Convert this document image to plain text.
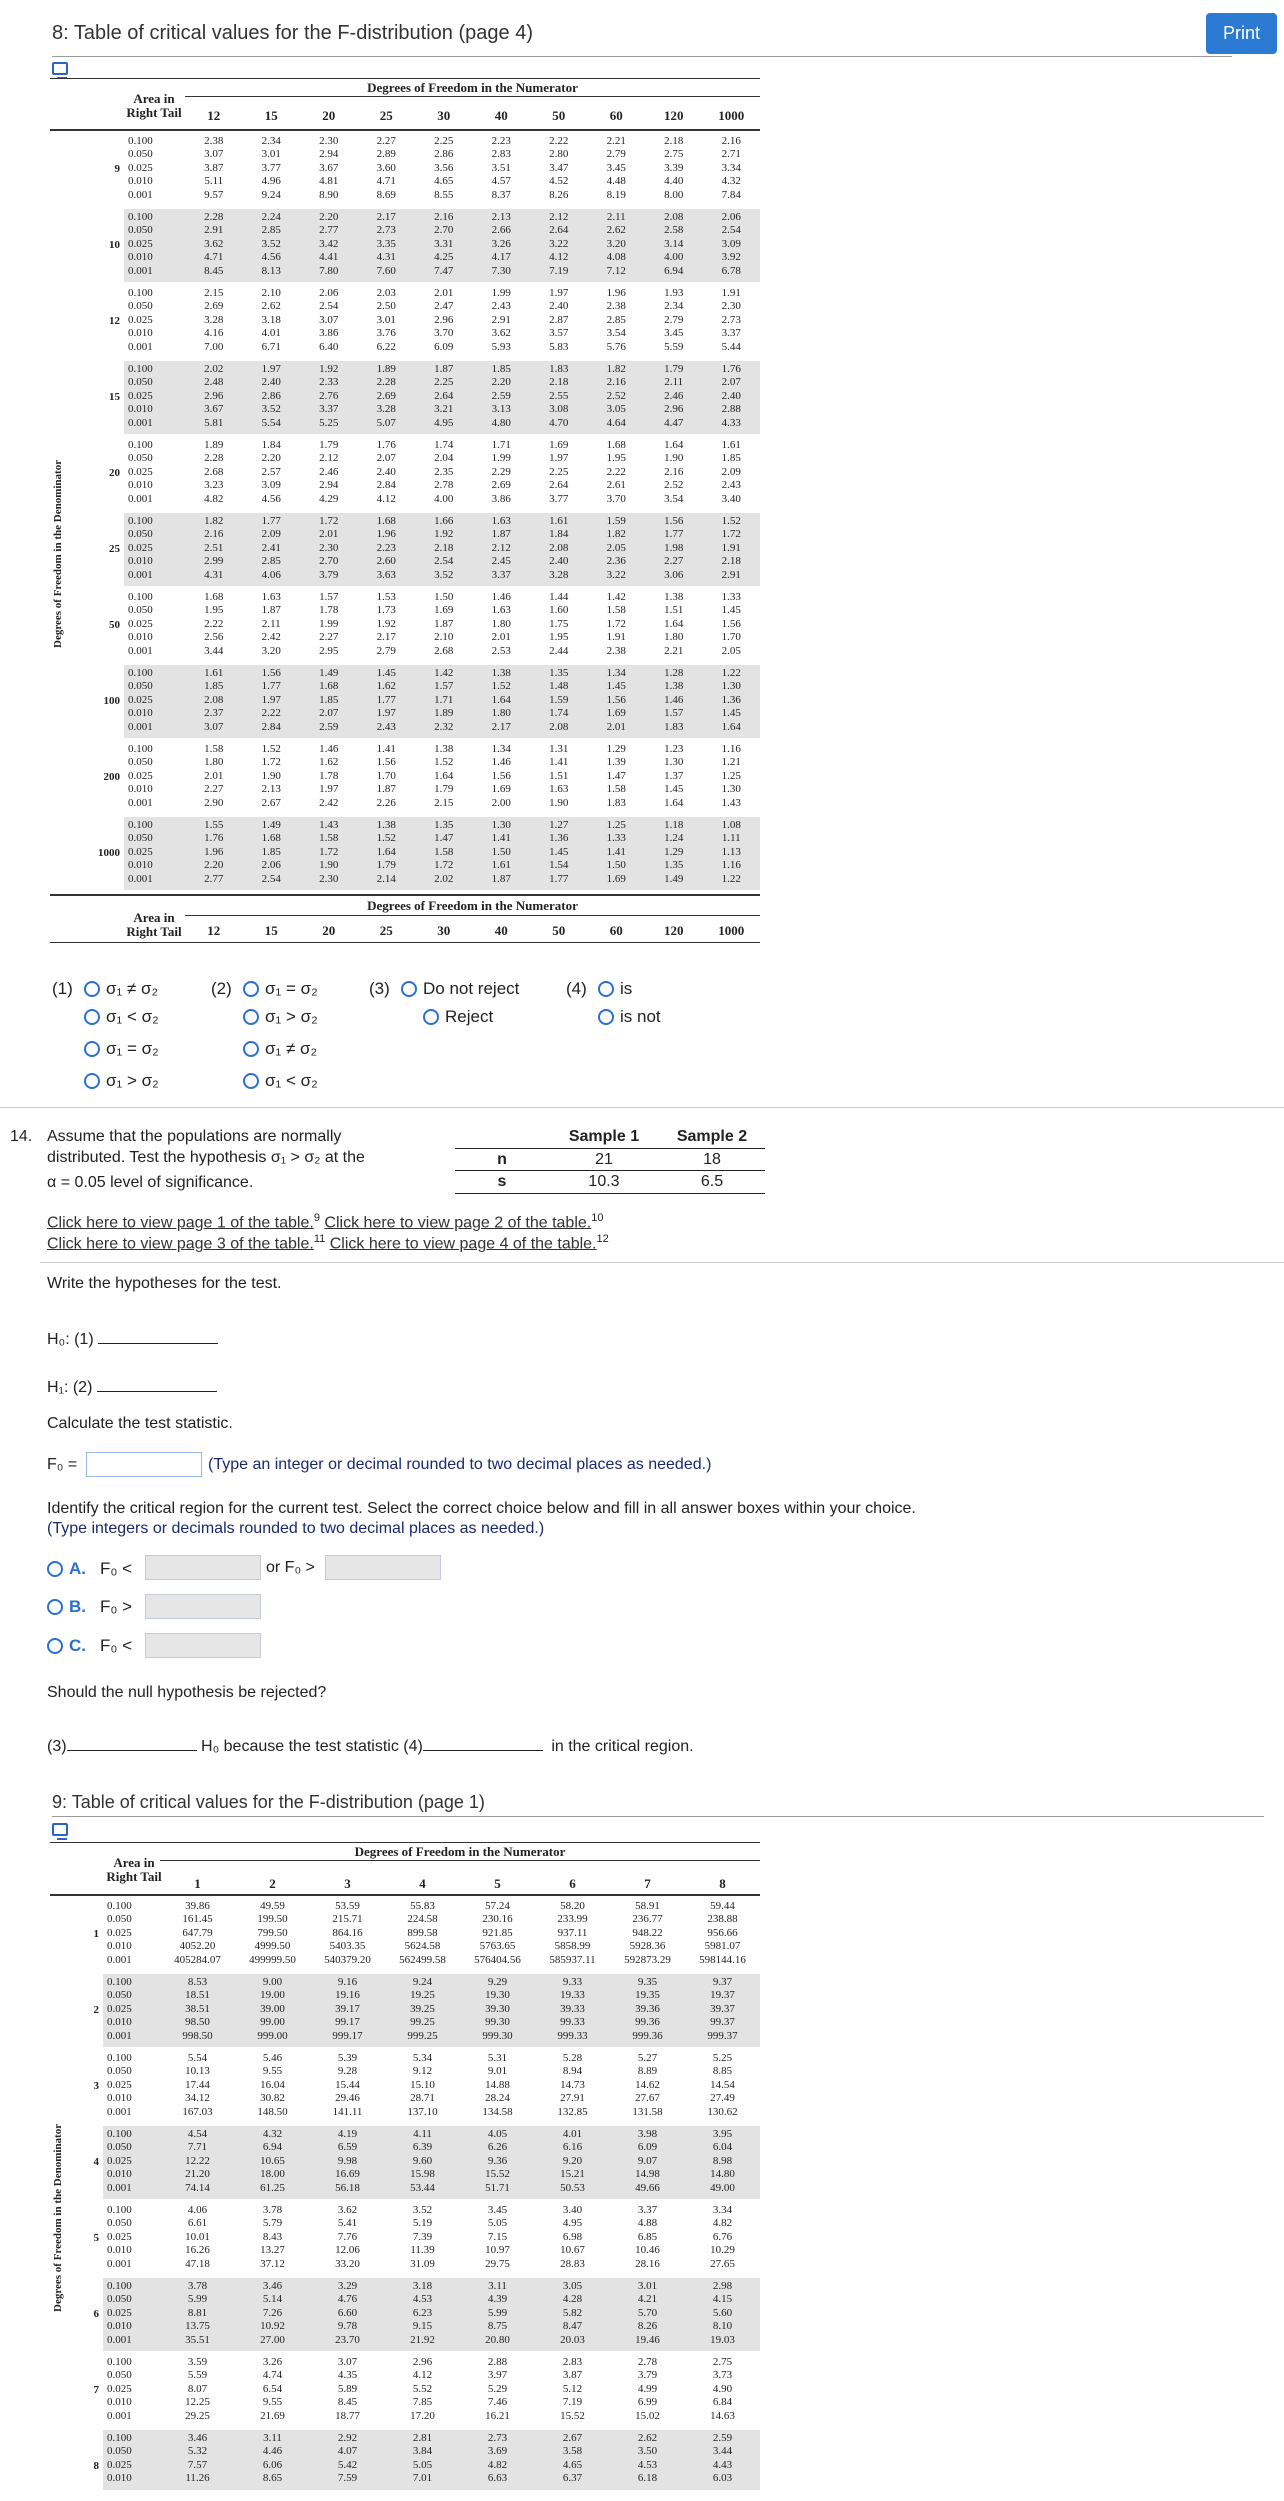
8: Table of critical values for the F-distribution (page 4)	Print
Degrees of Freedom in the Numerator
Area in
Right Tail	12	15	20	25	30	40	50	60	120	1000
9
0.100	2.38	2.34	2.30	2.27	2.25	2.23	2.22	2.21	2.18	2.16
0.050	3.07	3.01	2.94	2.89	2.86	2.83	2.80	2.79	2.75	2.71
0.025	3.87	3.77	3.67	3.60	3.56	3.51	3.47	3.45	3.39	3.34
0.010	5.11	4.96	4.81	4.71	4.65	4.57	4.52	4.48	4.40	4.32
0.001	9.57	9.24	8.90	8.69	8.55	8.37	8.26	8.19	8.00	7.84
10
0.100	2.28	2.24	2.20	2.17	2.16	2.13	2.12	2.11	2.08	2.06
0.050	2.91	2.85	2.77	2.73	2.70	2.66	2.64	2.62	2.58	2.54
0.025	3.62	3.52	3.42	3.35	3.31	3.26	3.22	3.20	3.14	3.09
0.010	4.71	4.56	4.41	4.31	4.25	4.17	4.12	4.08	4.00	3.92
0.001	8.45	8.13	7.80	7.60	7.47	7.30	7.19	7.12	6.94	6.78
12
0.100	2.15	2.10	2.06	2.03	2.01	1.99	1.97	1.96	1.93	1.91
0.050	2.69	2.62	2.54	2.50	2.47	2.43	2.40	2.38	2.34	2.30
0.025	3.28	3.18	3.07	3.01	2.96	2.91	2.87	2.85	2.79	2.73
0.010	4.16	4.01	3.86	3.76	3.70	3.62	3.57	3.54	3.45	3.37
0.001	7.00	6.71	6.40	6.22	6.09	5.93	5.83	5.76	5.59	5.44
15
0.100	2.02	1.97	1.92	1.89	1.87	1.85	1.83	1.82	1.79	1.76
0.050	2.48	2.40	2.33	2.28	2.25	2.20	2.18	2.16	2.11	2.07
0.025	2.96	2.86	2.76	2.69	2.64	2.59	2.55	2.52	2.46	2.40
0.010	3.67	3.52	3.37	3.28	3.21	3.13	3.08	3.05	2.96	2.88
0.001	5.81	5.54	5.25	5.07	4.95	4.80	4.70	4.64	4.47	4.33
20
0.100	1.89	1.84	1.79	1.76	1.74	1.71	1.69	1.68	1.64	1.61
0.050	2.28	2.20	2.12	2.07	2.04	1.99	1.97	1.95	1.90	1.85
0.025	2.68	2.57	2.46	2.40	2.35	2.29	2.25	2.22	2.16	2.09
0.010	3.23	3.09	2.94	2.84	2.78	2.69	2.64	2.61	2.52	2.43
0.001	4.82	4.56	4.29	4.12	4.00	3.86	3.77	3.70	3.54	3.40
25
0.100	1.82	1.77	1.72	1.68	1.66	1.63	1.61	1.59	1.56	1.52
0.050	2.16	2.09	2.01	1.96	1.92	1.87	1.84	1.82	1.77	1.72
0.025	2.51	2.41	2.30	2.23	2.18	2.12	2.08	2.05	1.98	1.91
0.010	2.99	2.85	2.70	2.60	2.54	2.45	2.40	2.36	2.27	2.18
0.001	4.31	4.06	3.79	3.63	3.52	3.37	3.28	3.22	3.06	2.91
50
0.100	1.68	1.63	1.57	1.53	1.50	1.46	1.44	1.42	1.38	1.33
0.050	1.95	1.87	1.78	1.73	1.69	1.63	1.60	1.58	1.51	1.45
0.025	2.22	2.11	1.99	1.92	1.87	1.80	1.75	1.72	1.64	1.56
0.010	2.56	2.42	2.27	2.17	2.10	2.01	1.95	1.91	1.80	1.70
0.001	3.44	3.20	2.95	2.79	2.68	2.53	2.44	2.38	2.21	2.05
100
0.100	1.61	1.56	1.49	1.45	1.42	1.38	1.35	1.34	1.28	1.22
0.050	1.85	1.77	1.68	1.62	1.57	1.52	1.48	1.45	1.38	1.30
0.025	2.08	1.97	1.85	1.77	1.71	1.64	1.59	1.56	1.46	1.36
0.010	2.37	2.22	2.07	1.97	1.89	1.80	1.74	1.69	1.57	1.45
0.001	3.07	2.84	2.59	2.43	2.32	2.17	2.08	2.01	1.83	1.64
200
0.100	1.58	1.52	1.46	1.41	1.38	1.34	1.31	1.29	1.23	1.16
0.050	1.80	1.72	1.62	1.56	1.52	1.46	1.41	1.39	1.30	1.21
0.025	2.01	1.90	1.78	1.70	1.64	1.56	1.51	1.47	1.37	1.25
0.010	2.27	2.13	1.97	1.87	1.79	1.69	1.63	1.58	1.45	1.30
0.001	2.90	2.67	2.42	2.26	2.15	2.00	1.90	1.83	1.64	1.43
1000
0.100	1.55	1.49	1.43	1.38	1.35	1.30	1.27	1.25	1.18	1.08
0.050	1.76	1.68	1.58	1.52	1.47	1.41	1.36	1.33	1.24	1.11
0.025	1.96	1.85	1.72	1.64	1.58	1.50	1.45	1.41	1.29	1.13
0.010	2.20	2.06	1.90	1.79	1.72	1.61	1.54	1.50	1.35	1.16
0.001	2.77	2.54	2.30	2.14	2.02	1.87	1.77	1.69	1.49	1.22
Degrees of Freedom in the Numerator
Area in
Right Tail	12	15	20	25	30	40	50	60	120	1000
Degrees of Freedom in the Denominator
(1) σ₁ ≠ σ₂
σ₁ < σ₂
σ₁ = σ₂
σ₁ > σ₂
(2) σ₁ = σ₂
σ₁ > σ₂
σ₁ ≠ σ₂
σ₁ < σ₂
(3) Do not reject
Reject
(4) is
is not
14. Assume that the populations are normally
distributed. Test the hypothesis σ₁ > σ₂ at the
α = 0.05 level of significance.
Sample 1	Sample 2
n	21	18
s	10.3	6.5
Click here to view page 1 of the table.$^9$ Click here to view page 2 of the table.$^{10}$
Click here to view page 3 of the table.$^{11}$ Click here to view page 4 of the table.$^{12}$
Write the hypotheses for the test.
H₀: (1)
H₁: (2)
Calculate the test statistic.
F₀ =	(Type an integer or decimal rounded to two decimal places as needed.)
Identify the critical region for the current test. Select the correct choice below and fill in all answer boxes within your choice.
(Type integers or decimals rounded to two decimal places as needed.)
A. F₀ <	or F₀ >
B. F₀ >
C. F₀ <
Should the null hypothesis be rejected?
(3)	H₀ because the test statistic (4)	in the critical region.
9: Table of critical values for the F-distribution (page 1)
Degrees of Freedom in the Numerator
Area in
Right Tail	1	2	3	4	5	6	7	8
1
0.100	39.86	49.59	53.59	55.83	57.24	58.20	58.91	59.44
0.050	161.45	199.50	215.71	224.58	230.16	233.99	236.77	238.88
0.025	647.79	799.50	864.16	899.58	921.85	937.11	948.22	956.66
0.010	4052.20	4999.50	5403.35	5624.58	5763.65	5858.99	5928.36	5981.07
0.001	405284.07	499999.50	540379.20	562499.58	576404.56	585937.11	592873.29	598144.16
2
0.100	8.53	9.00	9.16	9.24	9.29	9.33	9.35	9.37
0.050	18.51	19.00	19.16	19.25	19.30	19.33	19.35	19.37
0.025	38.51	39.00	39.17	39.25	39.30	39.33	39.36	39.37
0.010	98.50	99.00	99.17	99.25	99.30	99.33	99.36	99.37
0.001	998.50	999.00	999.17	999.25	999.30	999.33	999.36	999.37
3
0.100	5.54	5.46	5.39	5.34	5.31	5.28	5.27	5.25
0.050	10.13	9.55	9.28	9.12	9.01	8.94	8.89	8.85
0.025	17.44	16.04	15.44	15.10	14.88	14.73	14.62	14.54
0.010	34.12	30.82	29.46	28.71	28.24	27.91	27.67	27.49
0.001	167.03	148.50	141.11	137.10	134.58	132.85	131.58	130.62
4
0.100	4.54	4.32	4.19	4.11	4.05	4.01	3.98	3.95
0.050	7.71	6.94	6.59	6.39	6.26	6.16	6.09	6.04
0.025	12.22	10.65	9.98	9.60	9.36	9.20	9.07	8.98
0.010	21.20	18.00	16.69	15.98	15.52	15.21	14.98	14.80
0.001	74.14	61.25	56.18	53.44	51.71	50.53	49.66	49.00
5
0.100	4.06	3.78	3.62	3.52	3.45	3.40	3.37	3.34
0.050	6.61	5.79	5.41	5.19	5.05	4.95	4.88	4.82
0.025	10.01	8.43	7.76	7.39	7.15	6.98	6.85	6.76
0.010	16.26	13.27	12.06	11.39	10.97	10.67	10.46	10.29
0.001	47.18	37.12	33.20	31.09	29.75	28.83	28.16	27.65
6
0.100	3.78	3.46	3.29	3.18	3.11	3.05	3.01	2.98
0.050	5.99	5.14	4.76	4.53	4.39	4.28	4.21	4.15
0.025	8.81	7.26	6.60	6.23	5.99	5.82	5.70	5.60
0.010	13.75	10.92	9.78	9.15	8.75	8.47	8.26	8.10
0.001	35.51	27.00	23.70	21.92	20.80	20.03	19.46	19.03
7
0.100	3.59	3.26	3.07	2.96	2.88	2.83	2.78	2.75
0.050	5.59	4.74	4.35	4.12	3.97	3.87	3.79	3.73
0.025	8.07	6.54	5.89	5.52	5.29	5.12	4.99	4.90
0.010	12.25	9.55	8.45	7.85	7.46	7.19	6.99	6.84
0.001	29.25	21.69	18.77	17.20	16.21	15.52	15.02	14.63
8
0.100	3.46	3.11	2.92	2.81	2.73	2.67	2.62	2.59
0.050	5.32	4.46	4.07	3.84	3.69	3.58	3.50	3.44
0.025	7.57	6.06	5.42	5.05	4.82	4.65	4.53	4.43
0.010	11.26	8.65	7.59	7.01	6.63	6.37	6.18	6.03
Degrees of Freedom in the Denominator
